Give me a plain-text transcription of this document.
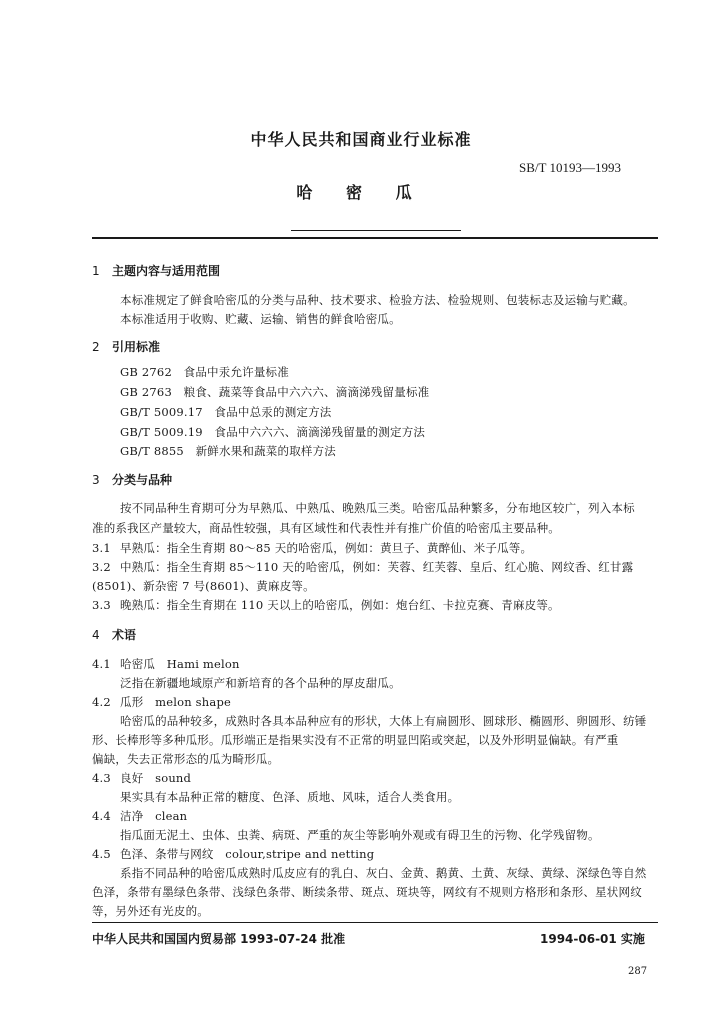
中华人民共和国商业行业标准
SB/T 10193—1993
哈 密 瓜
1 主题内容与适用范围
本标准规定了鲜食哈密瓜的分类与品种、技术要求、检验方法、检验规则、包装标志及运输与贮藏。
本标准适用于收购、贮藏、运输、销售的鲜食哈密瓜。
2 引用标准
GB 2762　食品中汞允许量标准
GB 2763　粮食、蔬菜等食品中六六六、滴滴涕残留量标准
GB/T 5009.17　食品中总汞的测定方法
GB/T 5009.19　食品中六六六、滴滴涕残留量的测定方法
GB/T 8855　新鲜水果和蔬菜的取样方法
3 分类与品种
按不同品种生育期可分为早熟瓜、中熟瓜、晚熟瓜三类。哈密瓜品种繁多，分布地区较广，列入本标
准的系我区产量较大，商品性较强，具有区域性和代表性并有推广价值的哈密瓜主要品种。
3.1 早熟瓜：指全生育期 80～85 天的哈密瓜，例如：黄旦子、黄醉仙、米子瓜等。
3.2 中熟瓜：指全生育期 85～110 天的哈密瓜，例如：芙蓉、红芙蓉、皇后、红心脆、网纹香、红甘露
(8501)、新杂密 7 号(8601)、黄麻皮等。
3.3 晚熟瓜：指全生育期在 110 天以上的哈密瓜，例如：炮台红、卡拉克赛、青麻皮等。
4 术语
4.1 哈密瓜　Hami melon
泛指在新疆地域原产和新培育的各个品种的厚皮甜瓜。
4.2 瓜形　melon shape
哈密瓜的品种较多，成熟时各具本品种应有的形状，大体上有扁圆形、圆球形、椭圆形、卵圆形、纺锤
形、长棒形等多种瓜形。瓜形端正是指果实没有不正常的明显凹陷或突起，以及外形明显偏缺。有严重
偏缺，失去正常形态的瓜为畸形瓜。
4.3 良好　sound
果实具有本品种正常的糖度、色泽、质地、风味，适合人类食用。
4.4 洁净　clean
指瓜面无泥土、虫体、虫粪、病斑、严重的灰尘等影响外观或有碍卫生的污物、化学残留物。
4.5 色泽、条带与网纹　colour,stripe and netting
系指不同品种的哈密瓜成熟时瓜皮应有的乳白、灰白、金黄、鹅黄、土黄、灰绿、黄绿、深绿色等自然
色泽，条带有墨绿色条带、浅绿色条带、断续条带、斑点、斑块等，网纹有不规则方格形和条形、星状网纹
等，另外还有光皮的。
中华人民共和国国内贸易部 1993-07-24 批准	1994-06-01 实施
287
